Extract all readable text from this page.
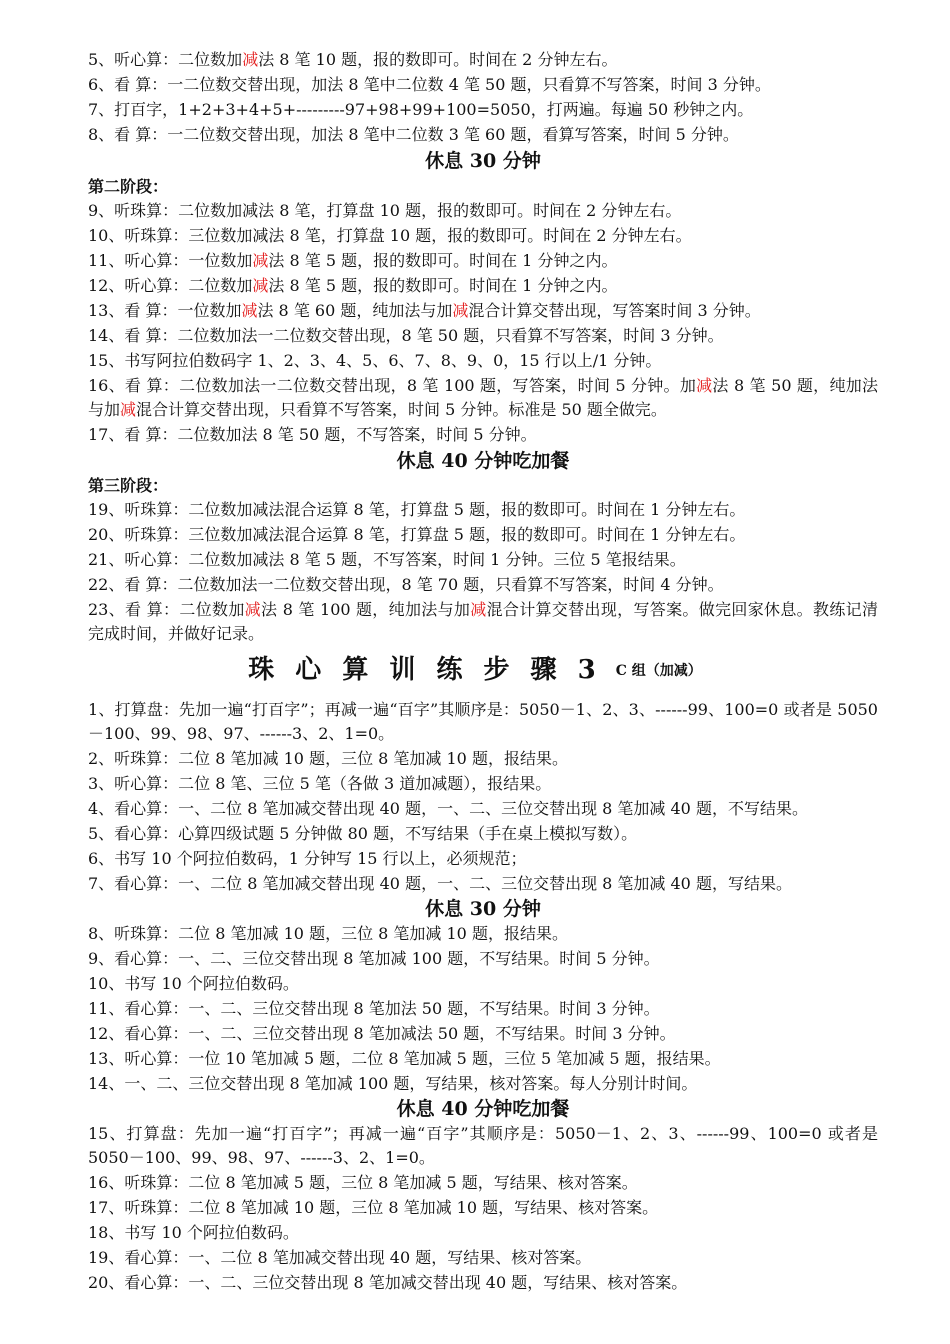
5、听心算：二位数加减法 8 笔 10 题，报的数即可。时间在 2 分钟左右。
6、看 算：一二位数交替出现，加法 8 笔中二位数 4 笔 50 题，只看算不写答案，时间 3 分钟。
7、打百字，1+2+3+4+5+---------97+98+99+100=5050，打两遍。每遍 50 秒钟之内。
8、看 算：一二位数交替出现，加法 8 笔中二位数 3 笔 60 题，看算写答案，时间 5 分钟。
休息 30 分钟
第二阶段：
9、听珠算：二位数加减法 8 笔，打算盘 10 题，报的数即可。时间在 2 分钟左右。
10、听珠算：三位数加减法 8 笔，打算盘 10 题，报的数即可。时间在 2 分钟左右。
11、听心算：一位数加减法 8 笔 5 题，报的数即可。时间在 1 分钟之内。
12、听心算：二位数加减法 8 笔 5 题，报的数即可。时间在 1 分钟之内。
13、看 算：一位数加减法 8 笔 60 题，纯加法与加减混合计算交替出现，写答案时间 3 分钟。
14、看 算：二位数加法一二位数交替出现，8 笔 50 题，只看算不写答案，时间 3 分钟。
15、书写阿拉伯数码字 1、2、3、4、5、6、7、8、9、0，15 行以上/1 分钟。
16、看 算：二位数加法一二位数交替出现，8 笔 100 题，写答案，时间 5 分钟。加减法 8 笔 50 题，纯加法与加减混合计算交替出现，只看算不写答案，时间 5 分钟。标准是 50 题全做完。
17、看 算：二位数加法 8 笔 50 题，不写答案，时间 5 分钟。
休息 40 分钟吃加餐
第三阶段：
19、听珠算：二位数加减法混合运算 8 笔，打算盘 5 题，报的数即可。时间在 1 分钟左右。
20、听珠算：三位数加减法混合运算 8 笔，打算盘 5 题，报的数即可。时间在 1 分钟左右。
21、听心算：二位数加减法 8 笔 5 题，不写答案，时间 1 分钟。三位 5 笔报结果。
22、看 算：二位数加法一二位数交替出现，8 笔 70 题，只看算不写答案，时间 4 分钟。
23、看 算：二位数加减法 8 笔 100 题，纯加法与加减混合计算交替出现，写答案。做完回家休息。教练记清完成时间，并做好记录。
珠 心 算 训 练 步 骤 3 C 组（加减）
1、打算盘：先加一遍“打百字”；再减一遍“百字”其顺序是：5050－1、2、3、------99、100=0 或者是 5050－100、99、98、97、------3、2、1=0。
2、听珠算：二位 8 笔加减 10 题，三位 8 笔加减 10 题，报结果。
3、听心算：二位 8 笔、三位 5 笔（各做 3 道加减题），报结果。
4、看心算：一、二位 8 笔加减交替出现 40 题，一、二、三位交替出现 8 笔加减 40 题，不写结果。
5、看心算：心算四级试题 5 分钟做 80 题，不写结果（手在桌上模拟写数）。
6、书写 10 个阿拉伯数码，1 分钟写 15 行以上，必须规范；
7、看心算：一、二位 8 笔加减交替出现 40 题，一、二、三位交替出现 8 笔加减 40 题，写结果。
休息 30 分钟
8、听珠算：二位 8 笔加减 10 题，三位 8 笔加减 10 题，报结果。
9、看心算：一、二、三位交替出现 8 笔加减 100 题，不写结果。时间 5 分钟。
10、书写 10 个阿拉伯数码。
11、看心算：一、二、三位交替出现 8 笔加法 50 题，不写结果。时间 3 分钟。
12、看心算：一、二、三位交替出现 8 笔加减法 50 题，不写结果。时间 3 分钟。
13、听心算：一位 10 笔加减 5 题，二位 8 笔加减 5 题，三位 5 笔加减 5 题，报结果。
14、一、二、三位交替出现 8 笔加减 100 题，写结果，核对答案。每人分别计时间。
休息 40 分钟吃加餐
15、打算盘：先加一遍“打百字”；再减一遍“百字”其顺序是：5050－1、2、3、------99、100=0 或者是 5050－100、99、98、97、------3、2、1=0。
16、听珠算：二位 8 笔加减 5 题，三位 8 笔加减 5 题，写结果、核对答案。
17、听珠算：二位 8 笔加减 10 题，三位 8 笔加减 10 题，写结果、核对答案。
18、书写 10 个阿拉伯数码。
19、看心算：一、二位 8 笔加减交替出现 40 题，写结果、核对答案。
20、看心算：一、二、三位交替出现 8 笔加减交替出现 40 题，写结果、核对答案。
